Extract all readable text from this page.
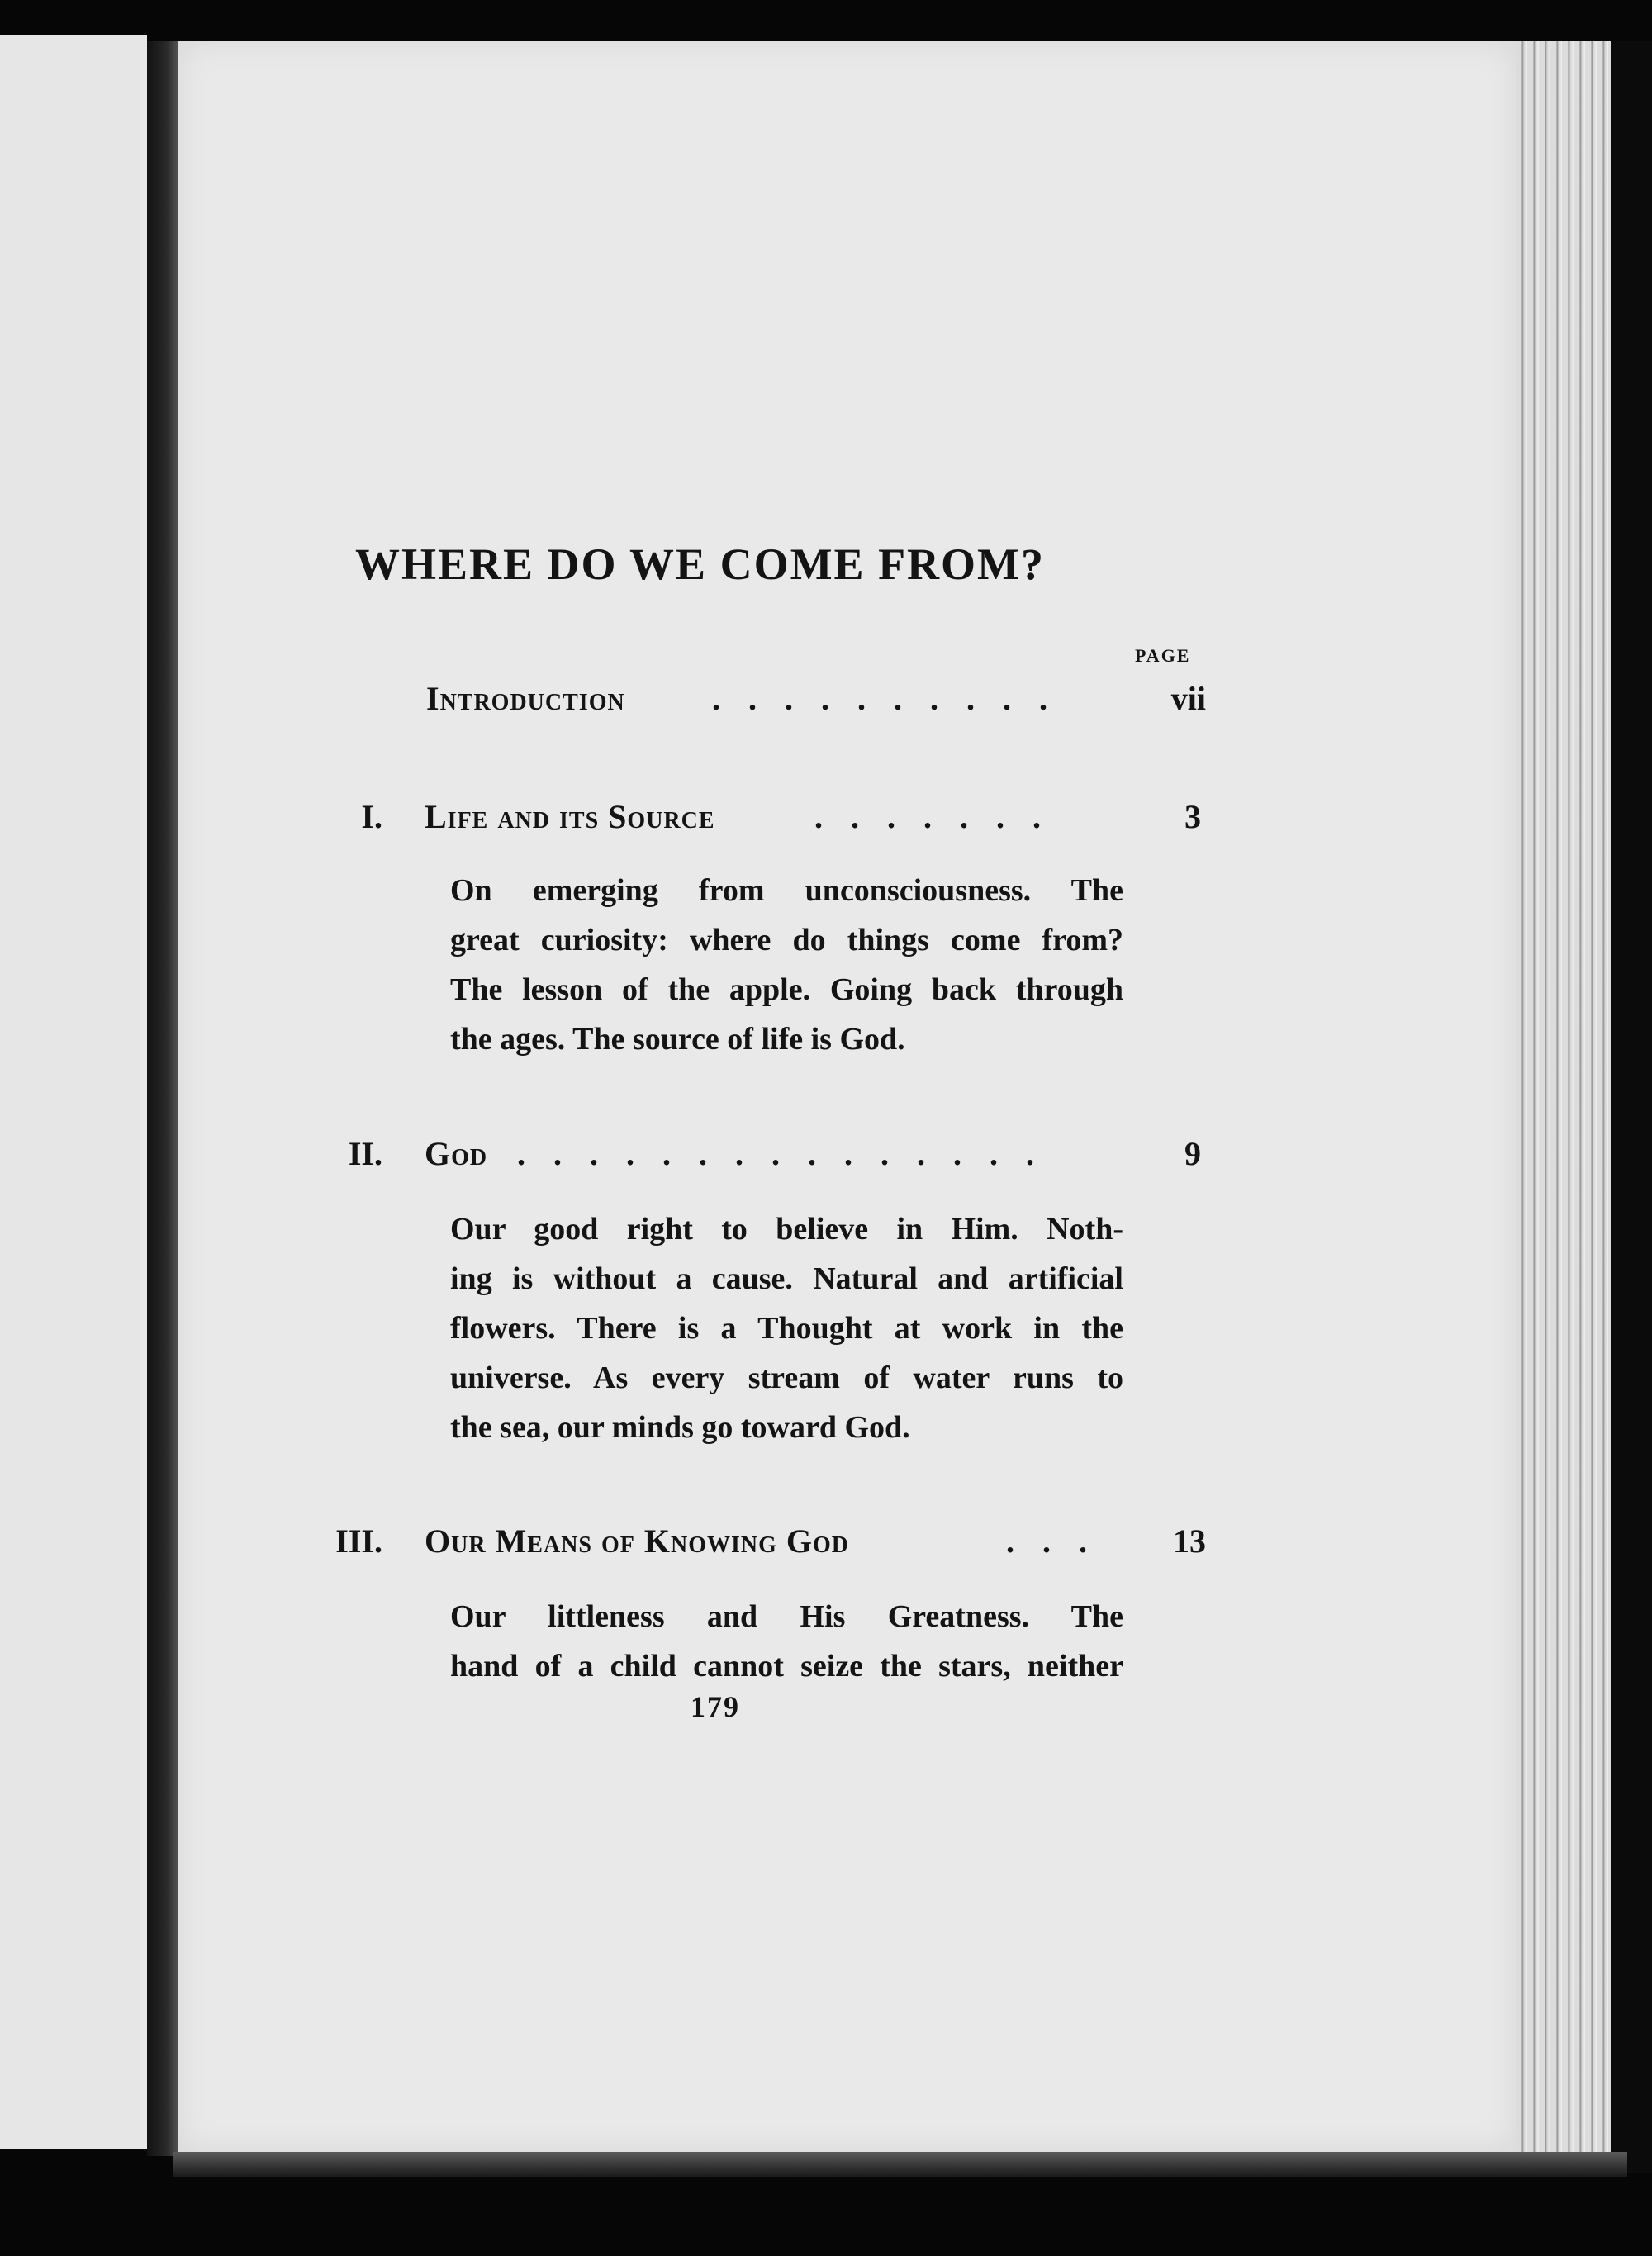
WHERE DO WE COME FROM?
PAGE
Introduction	. . . . . . . . . .	vii
I. Life and its Source	. . . . . . .	3
On emerging from unconsciousness. The
great curiosity: where do things come from?
The lesson of the apple. Going back through
the ages. The source of life is God.
II. God . . . . . . . . . . . . . . .	9
Our good right to believe in Him. Noth-
ing is without a cause. Natural and artificial
flowers. There is a Thought at work in the
universe. As every stream of water runs to
the sea, our minds go toward God.
III. Our Means of Knowing God	. . . 13
Our littleness and His Greatness. The
hand of a child cannot seize the stars, neither
179
